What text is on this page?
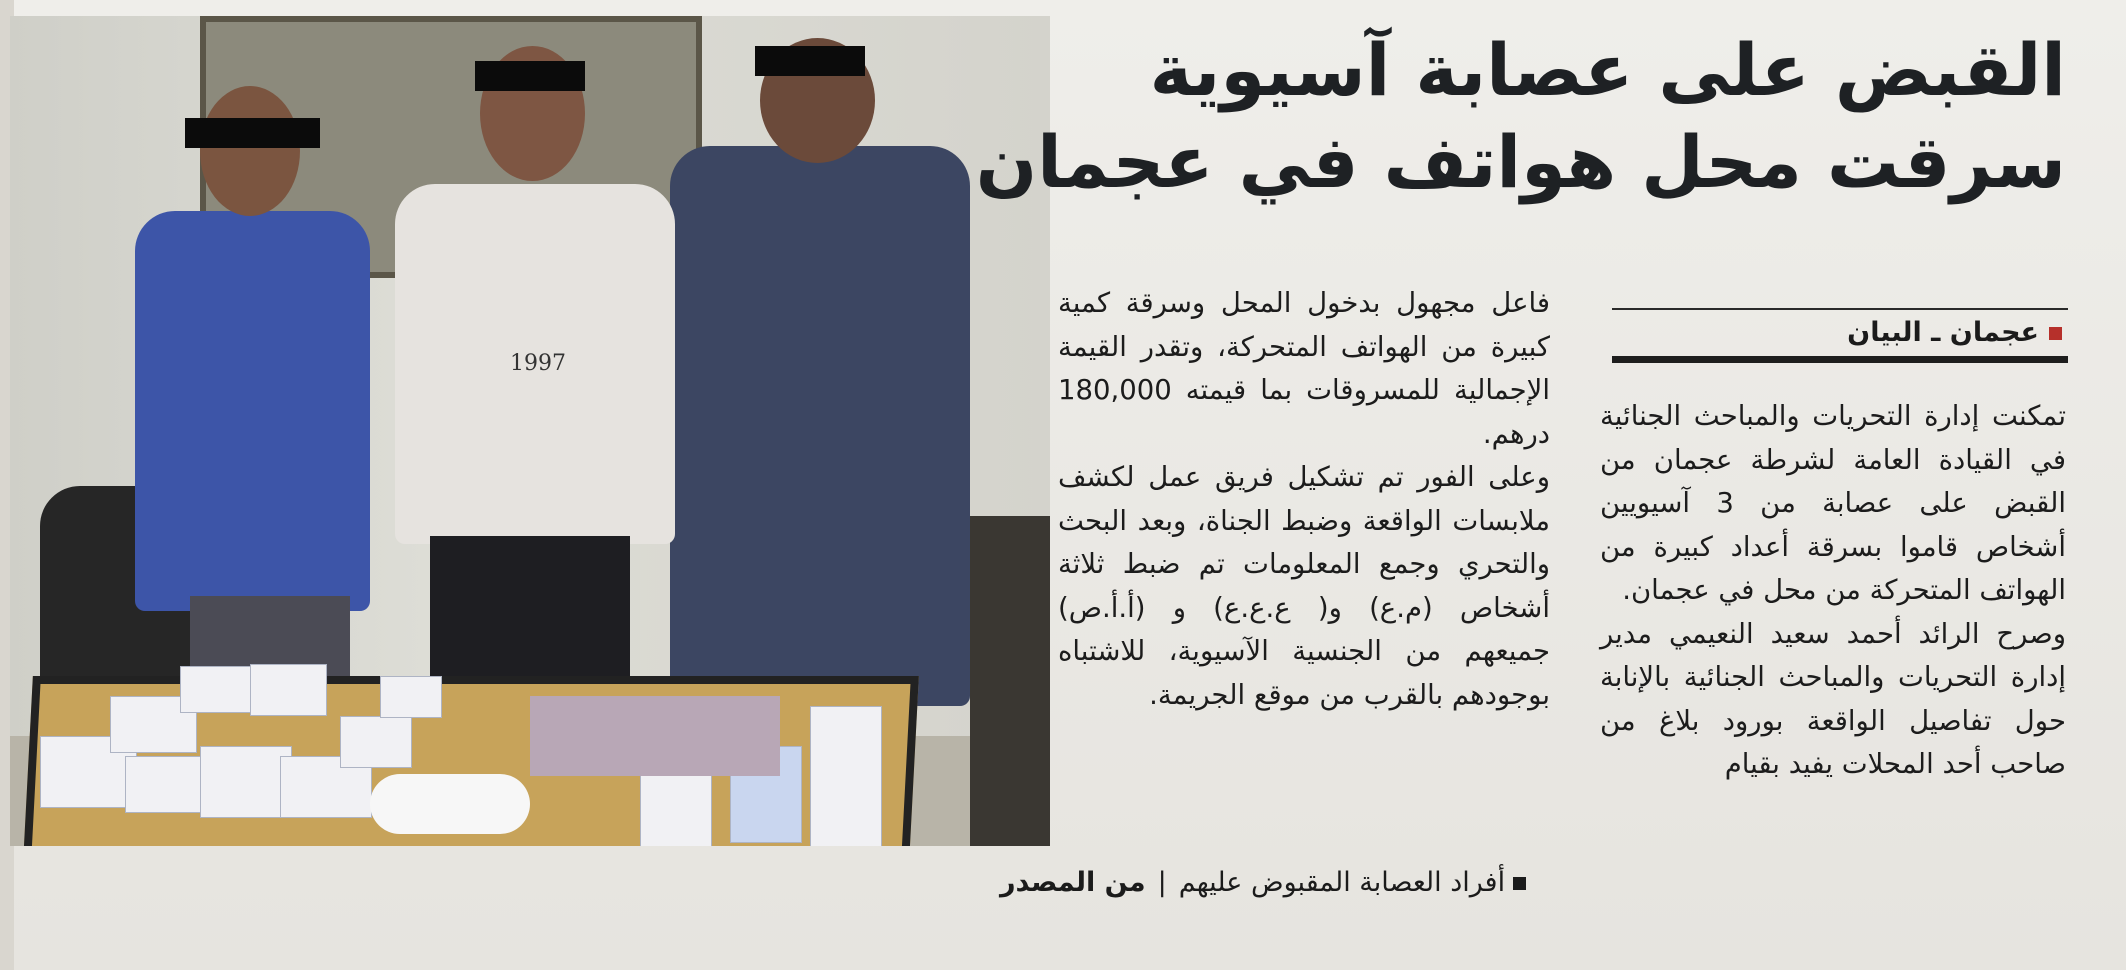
1997
أفراد العصابة المقبوض عليهم|من المصدر
القبض على عصابة آسيوية
سرقت محل هواتف في عجمان
عجمان ـ البيان

تمكنت إدارة التحريات والمباحث الجنائية في القيادة العامة لشرطة عجمان من القبض على عصابة من 3 آسيويين أشخاص قاموا بسرقة أعداد كبيرة من الهواتف المتحركة من محل في عجمان.

وصرح الرائد أحمد سعيد النعيمي مدير إدارة التحريات والمباحث الجنائية بالإنابة حول تفاصيل الواقعة بورود بلاغ من صاحب أحد المحلات يفيد بقيام

فاعل مجهول بدخول المحل وسرقة كمية كبيرة من الهواتف المتحركة، وتقدر القيمة الإجمالية للمسروقات بما قيمته 180,000 درهم.

وعلى الفور تم تشكيل فريق عمل لكشف ملابسات الواقعة وضبط الجناة، وبعد البحث والتحري وجمع المعلومات تم ضبط ثلاثة أشخاص (م.ع) و( ع.ع.ع) و (أ.أ.ص) جميعهم من الجنسية الآسيوية، للاشتباه بوجودهم بالقرب من موقع الجريمة.
